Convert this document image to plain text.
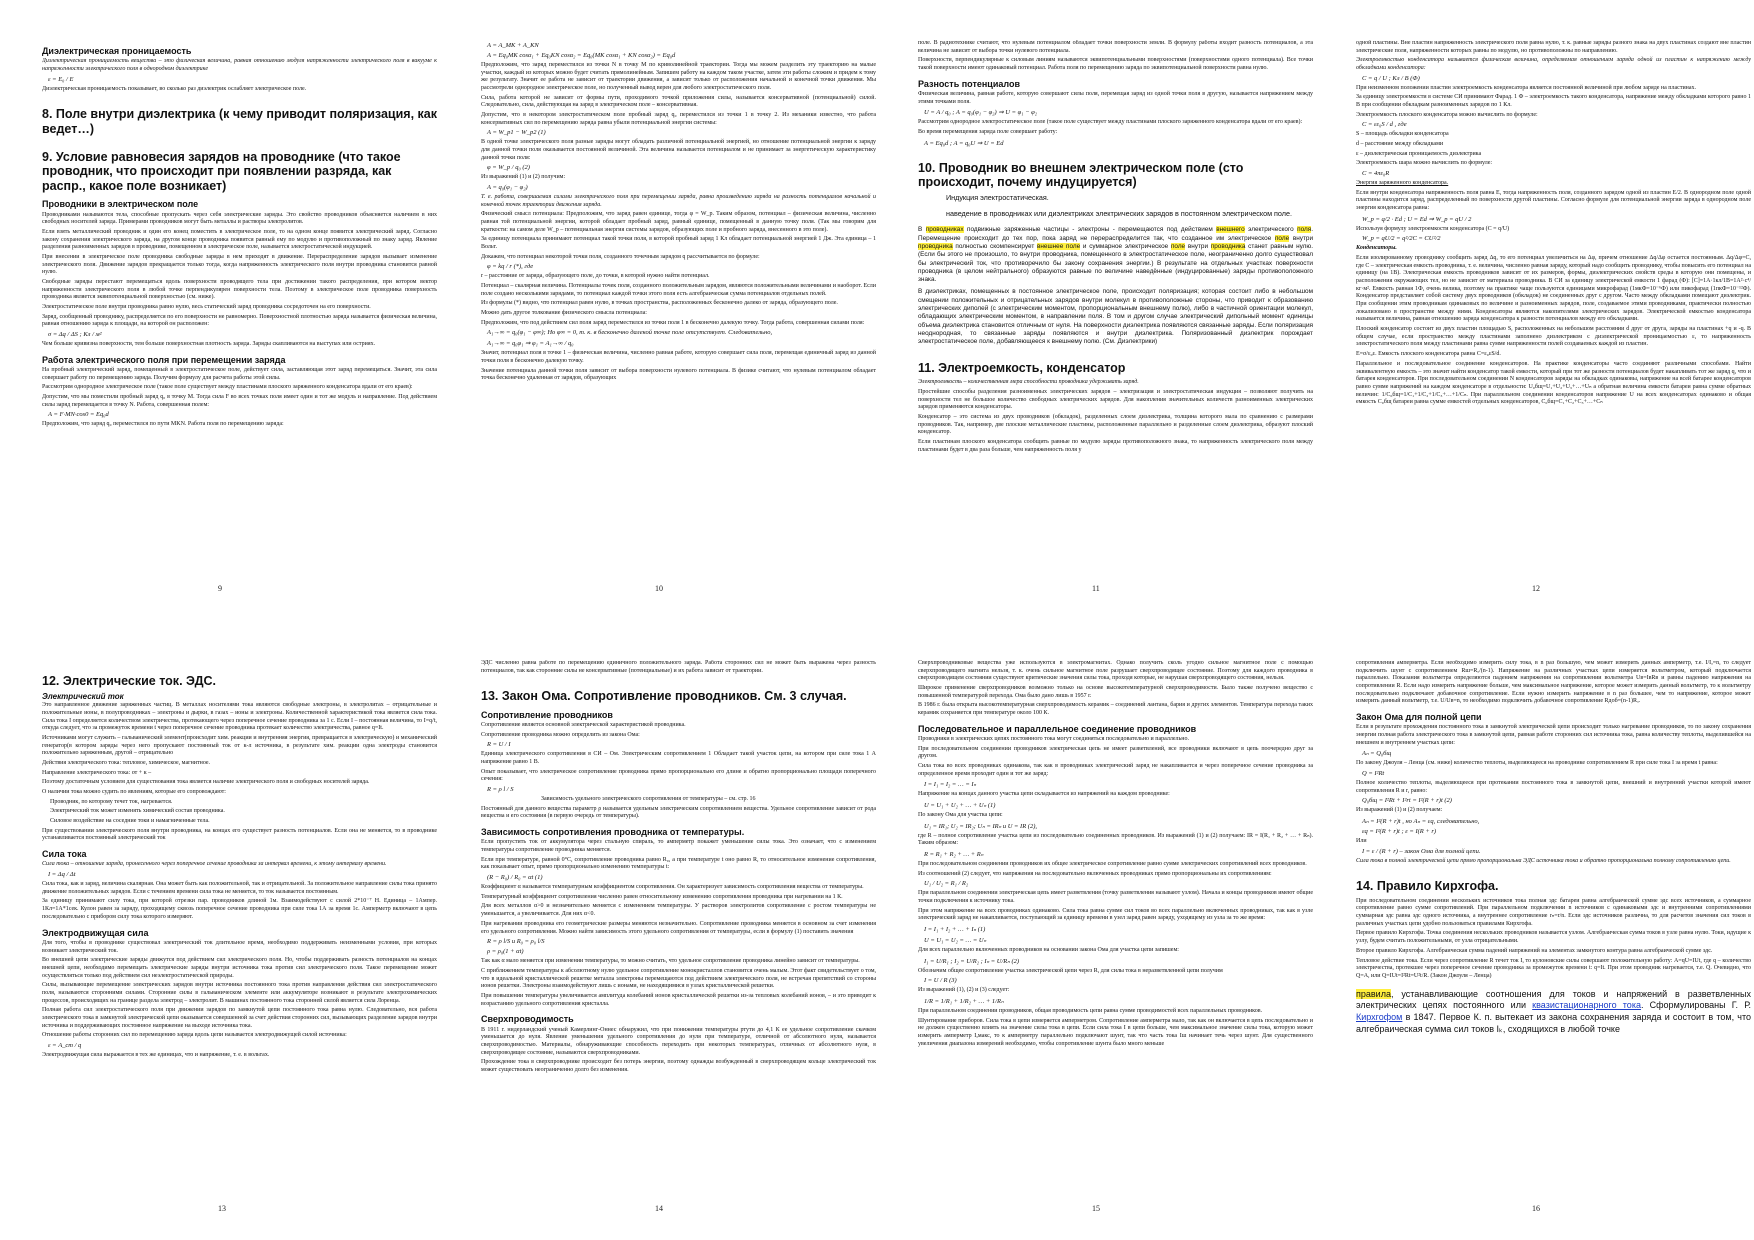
Диэлектрическая проницаемость

Диэлектрическая проницаемость вещества – это физическая величина, равная отношению модуля напряженности электрического поля в вакууме к напряженности электрического поля в однородном диэлектрике

ε = E₀ / E

Диэлектрическая проницаемость показывает, во сколько раз диэлектрик ослабляет электрическое поле.

8. Поле внутри диэлектрика (к чему приводит поляризация, как ведет…)
9. Условие равновесия зарядов на проводнике (что такое проводник, что происходит при появлении разряда, как распр., какое поле возникает)
Проводники в электрическом поле

Проводниками называются тела, способные пропускать через себя электрические заряды. Это свойство проводников объясняется наличием в них свободных носителей заряда. Примерами проводников могут быть металлы и растворы электролитов.

Если взять металлический проводник и один его конец поместить в электрическое поле, то на одном конце появится электрический заряд. Согласно закону сохранения электрического заряда, на другом конце проводника появится равный ему по модулю и противоположный по знаку заряд. Явление разделения разноименных зарядов в проводнике, помещенном в электрическое поле, называется электростатической индукцией.

При внесении в электрическое поле проводника свободные заряды в нем приходят в движение. Перераспределение зарядов вызывает изменение электрического поля. Движение зарядов прекращается только тогда, когда напряженность электрического поля внутри проводника становится равной нулю.

Свободные заряды перестают перемещаться вдоль поверхности проводящего тела при достижении такого распределения, при котором вектор напряженности электрического поля в любой точке перпендикулярен поверхности тела. Поэтому в электрическое поле проводника поверхность проводника является эквипотенциальной поверхностью (см. ниже).

Электростатическое поле внутри проводника равно нулю, весь статический заряд проводника сосредоточен на его поверхности.

Заряд, сообщенный проводнику, распределяется по его поверхности не равномерно. Поверхностной плотностью заряда называется физическая величина, равная отношению заряда к площади, на которой он расположен:

σ = Δq / ΔS ; Кл / м²

Чем больше кривизна поверхности, тем больше поверхностная плотность заряда. Заряды скапливаются на выступах или остриях.

Работа электрического поля при перемещении заряда

На пробный электрический заряд, помещенный в электростатическое поле, действует сила, заставляющая этот заряд перемещаться. Значит, эта сила совершает работу по перемещению заряда. Получим формулу для расчета работы этой силы.

Рассмотрим однородное электрическое поле (такое поле существует между пластинами плоского заряженного конденсатора вдали от его краев):

Допустим, что мы поместили пробный заряд q₀ в точку M. Тогда сила F во всех точках поля имеет один и тот же модуль и направление. Под действием силы заряд перемещается в точку N. Работа, совершенная полем:

A = F·MN·cos0 = Eq₀d

Предположим, что заряд q₀ переместился по пути MKN. Работа поля по перемещению заряда:

A = A_MK + A_KN
A = Eq₀MK cosα₁ + Eq₀KN cosα₂ = Eq₀(MK cosα₁ + KN cosα₂) = Eq₀d

Предположим, что заряд переместился из точки N в точку M по криволинейной траектории. Тогда мы можем разделить эту траекторию на малые участки, каждый из которых можно будет считать прямолинейным. Запишем работу на каждом таком участке, затем эти работы сложим и придем к тому же результату. Значит ее работа не зависит от траектории движения, а зависит только от расположения начальной и конечной точки движения. Мы рассмотрели однородное электрическое поле, но полученный вывод верен для любого электростатического поля.

Сила, работа которой не зависит от формы пути, проходимого точкой приложения силы, называется консервативной (потенциальной) силой. Следовательно, сила, действующая на заряд в электрическом поле – консервативная.

Допустим, что в некотором электростатическом поле пробный заряд q₀ переместился из точки 1 в точку 2. Из механики известно, что работа консервативных сил по перемещению заряда равна убыли потенциальной энергии системы:

A = W_p1 − W_p2 (1)

В одной точке электрического поля разные заряды могут обладать различной потенциальной энергией, но отношение потенциальной энергии к заряду для данной точки поля оказывается постоянной величиной. Эта величина называется потенциалом и не принимает за энергетическую характеристику данной точки поля:

φ = W_p / q₀ (2)

Из выражений (1) и (2) получим:

A = q₀(φ₁ − φ₂)

Т. е. работа, совершаемая силами электрического поля при перемещении заряда, равна произведению заряда на разность потенциалов начальной и конечной точек траектории движения заряда.

Физический смысл потенциала: Предположим, что заряд равен единице, тогда φ = W_p. Таким образом, потенциал – физическая величина, численно равная той потенциальной энергии, которой обладает пробный заряд, равный единице, помещенный в данную точку поля. (Так мы говорим для краткости: на самом деле W_p – потенциальная энергия системы зарядов, образующих поле и пробного заряда, внесенного в это поле).

За единицу потенциала принимают потенциал такой точки поля, в которой пробный заряд 1 Кл обладает потенциальной энергией 1 Дж. Эта единица – 1 Вольт.

Докажем, что потенциал некоторой точки поля, созданного точечным зарядом q рассчитывается по формуле:

φ = kq / r (*), где

r – расстояние от заряда, образующего поле, до точки, в которой нужно найти потенциал.

Потенциал – скалярная величина. Потенциалы точек поля, созданного положительным зарядом, являются положительными величинами и наоборот. Если поле создано несколькими зарядами, то потенциал каждой точки этого поля есть алгебраическая сумма потенциалов отдельных полей.

Из формулы (*) видно, что потенциал равен нулю, в точках пространства, расположенных бесконечно далеко от заряда, образующего поле.

Можно дать другое толкование физического смысла потенциала:

Предположим, что под действием сил поля заряд переместился из точки поля 1 в бесконечно далекую точку. Тогда работа, совершенная силами поля:

A₁→∞ = q₀(φ₁ − φ∞); Но φ∞ = 0, т. к. в бесконечно далекой точке поле отсутствует. Следовательно,
A₁→∞ = q₀φ₁ ⇒ φ₁ = A₁→∞ / q₀

Значит, потенциал поля в точке 1 – физическая величина, численно равная работе, которую совершает сила поля, перемещая единичный заряд из данной точки поля в бесконечно далекую точку.

Значение потенциала данной точки поля зависит от выбора поверхности нулевого потенциала. В физике считают, что нулевым потенциалом обладает точка бесконечно удаленная от зарядов, образующих

поле. В радиотехнике считают, что нулевым потенциалом обладает точки поверхности земли. В формулу работы входит разность потенциалов, а эта величина не зависит от выбора точки нулевого потенциала.

Поверхности, перпендикулярные к силовым линиям называются эквипотенциальными поверхностями (поверхностями одного потенциала). Все точки такой поверхности имеют одинаковый потенциал. Работа поля по перемещению заряда по эквипотенциальной поверхности равна нулю.

Разность потенциалов

Физическая величина, равная работе, которую совершают силы поля, перемещая заряд из одной точки поля в другую, называется напряжением между этими точками поля.

U = A / q₀ ; A = q₀(φ₁ − φ₂) ⇒ U = φ₁ − φ₂

Рассмотрим однородное электростатическое поле (такое поле существует между пластинами плоского заряженного конденсатора вдали от его краев):

Во время перемещения заряда поле совершает работу:

A = Eq₀d ; A = q₀U ⇒ U = Ed
10. Проводник во внешнем электрическом поле (сто происходит, почему индуцируется)
Индукция электростатическая.
наведение в проводниках или диэлектриках электрических зарядов в постоянном электрическом поле.

В проводниках подвижные заряженные частицы - электроны - перемещаются под действием внешнего электрического поля. Перемещение происходит до тех пор, пока заряд не перераспределится так, что созданное им электрическое поле внутри проводника полностью скомпенсирует внешнее поле и суммарное электрическое поле внутри проводника станет равным нулю. (Если бы этого не произошло, то внутри проводника, помещенного в электростатическое поле, неограниченно долго существовал бы электрический ток, что противоречило бы закону сохранения энергии.) В результате на отдельных участках поверхности проводника (в целом нейтрального) образуются равные по величине наведённые (индуцированные) заряды противоположного знака.

В диэлектриках, помещенных в постоянное электрическое поле, происходит поляризация; которая состоит либо в небольшом смещении положительных и отрицательных зарядов внутри молекул в противоположные стороны, что приводит к образованию электрических диполей (с электрическим моментом, пропорциональным внешнему полю), либо в частичной ориентации молекул, обладающих электрическим моментом, в направлении поля. В том и другом случае электрический дипольный момент единицы объема диэлектрика становится отличным от нуля. На поверхности диэлектрика появляются связанные заряды. Если поляризация неоднородная, то связанные заряды появляются и внутри диэлектрика. Поляризованный диэлектрик порождает электростатическое поле, добавляющееся к внешнему полю. (См. Диэлектрики)

11. Электроемкость, конденсатор

Электроемкость – количественная мера способности проводника удерживать заряд.

Простейшие способы разделения разноименных электрических зарядов – электризация и электростатическая индукция – позволяют получить на поверхности тел не большое количество свободных электрических зарядов. Для накопления значительных количеств разноименных электрических зарядов применяются конденсаторы.

Конденсатор – это система из двух проводников (обкладок), разделенных слоем диэлектрика, толщина которого мала по сравнению с размерами проводников. Так, например, две плоские металлические пластины, расположенные параллельно и разделенные слоем диэлектрика, образуют плоский конденсатор.

Если пластинам плоского конденсатора сообщить равные по модулю заряды противоположного знака, то напряженность электрического поля между пластинами будет в два раза больше, чем напряженность поля у

одной пластины. Вне пластин напряженность электрического поля равна нулю, т. к. равные заряды разного знака на двух пластинах создают вне пластин электрические поля, напряженности которых равны по модулю, но противоположны по направлению.

Электроемкостью конденсатора называется физическая величина, определяемая отношением заряда одной из пластин к напряжению между обкладками конденсатора:

C = q / U ; Кл / В (Ф)

При неизменном положении пластин электроемкость конденсатора является постоянной величиной при любом заряде на пластинах.

За единицу электроемкости в системе СИ принимают Фарад. 1 Ф – электроемкость такого конденсатора, напряжение между обкладками которого равно 1 В при сообщении обкладкам разноименных зарядов по 1 Кл.

Электроемкость плоского конденсатора можно вычислить по формуле:

C = εε₀S / d , где

S – площадь обкладки конденсатора

d – расстояние между обкладками

ε – диэлектрическая проницаемость диэлектрика

Электроемкость шара можно вычислить по формуле:

C = 4πε₀R

Энергия заряженного конденсатора.

Если внутри конденсатора напряженность поля равна E, тогда напряженность поля, созданного зарядом одной из пластин E/2. В однородном поле одной пластины находится заряд, распределенный по поверхности другой пластины. Согласно формуле для потенциальной энергии заряда в однородном поле энергия конденсатора равна:

W_p = q/2 · Ed ; U = Ed ⇒ W_p = qU / 2

Используя формулу электроемкости конденсатора (C = q/U)

W_p = qU/2 = q²/2C = CU²/2

Конденсаторы.

Если изолированному проводнику сообщить заряд Δq, то его потенциал увеличиться на Δφ, причем отношение Δq/Δφ остается постоянным. Δq/Δφ=C, где C – электрическая емкость проводника, т. е. величина, численно равная заряду, который надо сообщить проводнику, чтобы повысить его потенциал на единицу (на 1В). Электрическая емкость проводников зависит от их размеров, формы, диэлектрических свойств среды в которую они помещены, и расположения окружающих тел, но не зависит от материала проводника. В СИ за единицу электрической емкости 1 фарад (Ф): [C]=1А·1кл/1В=1А²·c⁴/кг·м². Емкость равная 1Ф, очень велика, поэтому на практике чаще пользуются единицами микрофарад (1мкФ=10⁻⁶Ф) или пикофарад (1пкФ=10⁻¹²Ф). Конденсатор представляет собой систему двух проводников (обкладок) не соединенных друг с другом. Часто между обкладками помещают диэлектрик. При сообщении этим проводникам одинаковых по величине и разноименных зарядов, поле, создаваемое этими проводниками, практически полностью локализовано в пространстве между ними. Конденсаторы являются накопителями электрических зарядов. Электрической емкостью конденсатора называется величина, равная отношению заряда конденсатора к разности потенциалов между его обкладками.

Плоский конденсатор состоит из двух пластин площадью S, расположенных на небольшом расстоянии d друг от друга, заряды на пластинах +q и -q. В общем случае, если пространство между пластинами заполнено диэлектриком с диэлектрической проницаемостью ε, то напряженность электростатического поля между пластинами равна сумме напряженности полей создаваемых каждой из пластин.

E=σ/ε₀ε. Емкость плоского конденсатора равна C=ε₀εS/d.

Параллельное и последовательное соединение конденсаторов. На практике конденсаторы часто соединяют различными способами. Найти эквивалентную емкость – это значит найти конденсатор такой емкости, который при тот же разности потенциалов будет накапливать тот же заряд q, что и батарея конденсаторов. При последовательном соединении N конденсаторов заряды на обкладках одинаковы, напряжение на всей батарее конденсаторов равно сумме напряжений на каждом конденсаторе в отдельности: U₀бщ=U₁+U₂+U₃+…+Uₙ а обратная величина емкости батареи равна сумме обратных величин: 1/C₀бщ=1/C₁+1/C₂+1/C₃+…+1/Cₙ. При параллельном соединении конденсаторов напряжение U на всех конденсаторах одинаково и общая емкость C₀бщ батареи равна сумме емкостей отдельных конденсаторов, C₀бщ=C₁+C₂+C₃+…+Cₙ

12. Электрические ток. ЭДС.
Электрический ток

Это направленное движение заряженных частиц. В металлах носителями тока являются свободные электроны, в электролитах – отрицательные и положительные ионы, в полупроводниках – электроны и дырки, в газах – ионы и электроны. Количественной характеристикой тока является сила тока. Сила тока I определяется количеством электричества, протекающего через поперечное сечение проводника за 1 с. Если I – постоянная величина, то I=q/t, откуда следует, что за промежуток времени t через поперечное сечение проводника протекает количество электричества, равное q=It.

Источниками могут служить – гальванический элемент(происходит хим. реакции и внутренняя энергия, превращается в электрическую) и механический генератор(в котором заряды через него пропускают постоянный ток от к-л источника, в результате хим. реакции одна электроды становится положительно заряженным, другой – отрицательно

Действия электрического тока: тепловое, химическое, магнитное.

Направление электрического тока: от + к –

Поэтому достаточным условием для существования тока является наличие электрического поля и свободных носителей заряда.

О наличии тока можно судить по явлениям, которые его сопровождают:

Проводник, по которому течет ток, нагревается.

Электрический ток может изменять химический состав проводника.

Силовое воздействие на соседние токи и намагниченные тела.

При существовании электрического поля внутри проводника, на концах его существует разность потенциалов. Если она не меняется, то в проводнике устанавливается постоянный электрический ток

Сила тока

Сила тока – отношение заряда, пронесенного через поперечное сечение проводника за интервал времени, к этому интервалу времени.

I = Δq / Δt

Сила тока, как и заряд, величина скалярная. Она может быть как положительной, так и отрицательной. За положительное направление силы тока принято движение положительных зарядов. Если с течением времени сила тока не меняется, то ток называется постоянным.

За единицу принимают силу тока, при которой отрезки пар. проводников длиной 1м. Взаимодействуют с силой 2*10⁻⁷ Н. Единица – 1Ампер. 1Кл=1А*1сек. Кулон равен за заряду, проходящему сквозь поперечное сечение проводника при силе тока 1А за время 1с. Амперметр включают в цепь последовательно с прибором силу тока которого измеряют.

Электродвижущая сила

Для того, чтобы в проводнике существовал электрический ток длительное время, необходимо поддерживать неизменными условия, при которых возникает электрический ток.

Во внешней цепи электрические заряды движутся под действием сил электрического поля. Но, чтобы поддерживать разность потенциалов на концах внешней цепи, необходимо перемещать электрические заряды внутри источника тока против сил электрического поля. Такое перемещение может осуществляться только под действием сил неэлектростатической природы.

Силы, вызывающие перемещение электрических зарядов внутри источника постоянного тока против направления действия сил электростатического поля, называются сторонними силами. Сторонние силы в гальваническом элементе или аккумуляторе возникают в результате электрохимических процессов, происходящих на границе раздела электрод – электролит. В машинах постоянного тока сторонней силой является сила Лоренца.

Полная работа сил электростатического поля при движении зарядов по замкнутой цепи постоянного тока равна нулю. Следовательно, вся работа электрического тока в замкнутой электрической цепи оказывается совершенной за счет действия сторонних сил, вызывающих разделение зарядов внутри источника и поддерживающих постоянное напряжение на выходе источника тока.

Отношение работы сторонних сил по перемещению заряда вдоль цепи называется электродвижущей силой источника:

ε = A_ст / q

Электродвижущая сила выражается в тех же единицах, что и напряжение, т. е. в вольтах.

ЭДС численно равна работе по перемещению единичного положительного заряда. Работа сторонних сил не может быть выражена через разность потенциалов, так как сторонние силы не консервативные (потенциальные) и их работа зависит от траектории.

13. Закон Ома. Сопротивление проводников. См. 3 случая.
Сопротивление проводников

Сопротивление является основной электрической характеристикой проводника.

Сопротивление проводника можно определить из закона Ома:

R = U / I

Единица электрического сопротивления в СИ – Ом. Электрическим сопротивлением 1 Обладает такой участок цепи, на котором при силе тока 1 А напряжение равно 1 В.

Опыт показывает, что электрическое сопротивление проводника прямо пропорционально его длине и обратно пропорционально площади поперечного сечения:

R = ρ l / S

Зависимость удельного электрического сопротивления от температуры – см. стр. 16

Постоянный для данного вещества параметр ρ называется удельным электрическим сопротивлением вещества. Удельное сопротивление зависит от рода вещества и его состояния (в первую очередь от температуры).

Зависимость сопротивления проводника от температуры.

Если пропустить ток от аккумулятора через стальную спираль, то амперметр покажет уменьшение силы тока. Это означает, что с изменением температуры сопротивление проводника меняется.

Если при температуре, равной 0°С, сопротивление проводника равно R₀, а при температуре t оно равно R, то относительное изменение сопротивления, как показывает опыт, прямо пропорционально изменению температуры t:

(R − R₀) / R₀ = αt (1)

Коэффициент α называется температурным коэффициентом сопротивления. Он характеризует зависимость сопротивления вещества от температуры.

Температурный коэффициент сопротивления численно равен относительному изменению сопротивления проводника при нагревании на 1 К.

Для всех металлов α>0 и незначительно меняется с изменением температуры. У растворов электролитов сопротивление с ростом температуры не уменьшается, а увеличивается. Для них α<0.

При нагревании проводника его геометрические размеры меняются незначительно. Сопротивление проводника меняется в основном за счет изменения его удельного сопротивления. Можно найти зависимость этого удельного сопротивления от температуры, если в формулу (1) поставить значения

R = ρ l/S и R₀ = ρ₀ l/S
ρ = ρ₀(1 + αt)

Так как α мало меняется при изменении температуры, то можно считать, что удельное сопротивление проводника линейно зависит от температуры.

С приближением температуры к абсолютному нулю удельное сопротивление монокристаллов становится очень малым. Этот факт свидетельствует о том, что в идеальной кристаллической решетке металла электроны перемещаются под действием электрического поля, не встречая препятствий со стороны ионов решетки. Электроны взаимодействуют лишь с ионами, не находящимися в узлах кристаллической решетки.

При повышении температуры увеличивается амплитуда колебаний ионов кристаллической решетки из-за тепловых колебаний ионов, – и это приводит к возрастанию удельного сопротивления кристалла.

Сверхпроводимость

В 1911 г. нидерландский ученый Камерлинг-Оннес обнаружил, что при понижении температуры ртути до 4,1 К ее удельное сопротивление скачком уменьшается до нуля. Явление уменьшения удельного сопротивления до нуля при температуре, отличной от абсолютного нуля, называется сверхпроводимостью. Материалы, обнаруживающие способность переходить при некоторых температурах, отличных от абсолютного нуля, в сверхпроводящее состояние, называются сверхпроводниками.

Прохождение тока в сверхпроводнике происходит без потерь энергии, поэтому однажды возбужденный в сверхпроводящем кольце электрический ток может существовать неограниченно долго без изменения.

Сверхпроводниковые вещества уже используются в электромагнитах. Однако получить сколь угодно сильное магнитное поле с помощью сверхпроводящего магнита нельзя, т. к. очень сильное магнитное поле разрушает сверхпроводящее состояние. Поэтому для каждого проводника в сверхпроводящем состоянии существуют критические значения силы тока, проходя которые, не нарушая сверхпроводящего состояния, нельзя.

Широкое применение сверхпроводников возможно только на основе высокотемпературной сверхпроводимости. Было также получено вещество с повышенной температурой перехода. Ома было дано лишь в 1957 г.

В 1986 г. была открыта высокотемпературная сверхпроводимость керамик – соединений лантана, бария и других элементов. Температура перехода таких керамик сохраняется при температуре около 100 К.

Последовательное и параллельное соединение проводников

Проводники в электрических цепях постоянного тока могут соединяться последовательно и параллельно.

При последовательном соединении проводников электрическая цепь не имеет разветвлений, все проводники включают в цепь поочередно друг за другом.

Сила тока во всех проводниках одинакова, так как в проводниках электрический заряд не накапливается и через поперечное сечение проводника за определенное время проходит один и тот же заряд:

I = I₁ = I₂ = … = Iₙ

Напряжение на концах данного участка цепи складывается из напряжений на каждом проводнике:

U = U₁ + U₂ + … + Uₙ (1)

По закону Ома для участка цепи:

U₁ = IR₁; U₂ = IR₂; Uₙ = IRₙ и U = IR (2),

где R – полное сопротивление участка цепи из последовательно соединенных проводников. Из выражений (1) и (2) получаем: IR = I(R₁ + R₂ + … + Rₙ). Таким образом:

R = R₁ + R₂ + … + Rₙ

При последовательном соединении проводников их общее электрическое сопротивление равно сумме электрических сопротивлений всех проводников.

Из соотношений (2) следует, что напряжения на последовательно включенных проводниках прямо пропорциональны их сопротивлениям:

U₁ / U₂ = R₁ / R₂

При параллельном соединении электрическая цепь имеет разветвления (точку разветвления называют узлом). Начала и концы проводников имеют общие точки подключения к источнику тока.

При этом напряжение на всех проводниках одинаково. Сила тока равна сумме сил токов во всех параллельно включенных проводниках, так как в узле электрический заряд не накапливается, поступающий за единицу времени в узел заряд равен заряду, уходящему из узла за то же время:

I = I₁ + I₂ + … + Iₙ (1)
U = U₁ = U₂ = … = Uₙ

Для всех параллельно включенных проводников на основании закона Ома для участка цепи запишем:

I₁ = U/R₁ ; I₂ = U/R₂ ; Iₙ = U/Rₙ (2)

Обозначим общее сопротивление участка электрической цепи через R, для силы тока в неразветвленной цепи получим

I = U / R (3)

Из выражений (1), (2) и (3) следует:

1/R = 1/R₁ + 1/R₂ + … + 1/Rₙ

При параллельном соединении проводников, общая проводимость цепи равна сумме проводимостей всех параллельных проводников.

Шунтирование приборов. Сила тока в цепи измеряется амперметром. Сопротивление амперметра мало, так как он включается в цепь последовательно и не должен существенно влиять на значение силы тока в цепи. Если сила тока I в цепи больше, чем максимальное значение силы тока, которую может измерить амперметр Iₐмакс, то к амперметру параллельно подключают шунт, так что часть тока Iш начинает течь через шунт. Для существенного увеличения диапазона измерений необходимо, чтобы сопротивление шунта было много меньше

сопротивления амперметра. Если необходимо измерить силу тока, в n раз большую, чем может измерить данных амперметр, т.е. I/Iₐ=n, то следует подключить шунт с сопротивлением Rш=Rₐ/(n-1). Напряжение на различных участках цепи измеряется вольтметром, который подключается параллельно. Показания вольтметра определяются падением напряжения на сопротивлении вольтметра Uв=IвRв и равны падению напряжения на сопротивлении R. Если надо измерить напряжение больше, чем максимальное напряжение, которое может измерить данный вольтметр, то к вольтметру последовательно подключают добавочное сопротивление. Если нужно измерить напряжение в n раз большее, чем то напряжение, которое может измерить данный вольтметр, т.е. U/Uв=n, то необходимо подключить добавочное сопротивление Rдоб=(n-1)Rₐ.

Закон Ома для полной цепи

Если в результате прохождения постоянного тока в замкнутой электрической цепи происходит только нагревание проводников, то по закону сохранения энергии полная работа электрического тока в замкнутой цепи, равная работе сторонних сил источника тока, равна количеству теплоты, выделившейся на внешнем и внутреннем участках цепи:

Aₙ = Q₀бщ

По закону Джоуля – Ленца (см. ниже) количество теплоты, выделяющееся на проводнике сопротивлением R при силе тока I за время t равна:

Q = I²Rt

Полное количество теплоты, выделяющееся при протекании постоянного тока в замкнутой цепи, внешний и внутренний участки которой имеют сопротивления R и r, равно:

Q₀бщ = I²Rt + I²rt = I²(R + r)t (2)

Из выражений (1) и (2) получаем:

Aₙ = I²(R + r)t , но Aₙ = εq, следовательно,
εq = I²(R + r)t ; ε = I(R + r)

Или

I = ε / (R + r) – закон Ома для полной цепи.

Сила тока в полной электрической цепи прямо пропорциональна ЭДС источника тока и обратно пропорциональна полному сопротивлению цепи.

14. Правило Кирхгофа.

При последовательном соединении нескольких источников тока полная эдс батареи равна алгебраической сумме эдс всех источников, а суммарное сопротивление равно сумме сопротивлений. При параллельном подключении n источников с одинаковыми эдс и внутренними сопротивлениями суммарная эдс равна эдс одного источника, а внутреннее сопротивление rₙ=r/n. Если эдс источников различна, то для расчетов значения сил токов в различных участках цепи удобно пользоваться правилами Кирхгофа.

Первое правило Кирхгофа. Точка соединения нескольких проводников называется узлом. Алгебраическая сумма токов в узле равна нулю. Токи, идущие к узлу, будем считать положительными, от узла отрицательными.

Второе правило Кирхгофа. Алгебраическая сумма падений напряжений на элементах замкнутого контура равна алгебраической сумме эдс.

Тепловое действие тока. Если через сопротивление R течет ток I, то кулоновские силы совершают положительную работу: A=qU=IUt, где q – количество электричества, протекшее через поперечное сечение проводника за промежуток времени t: q=It. При этом проводник нагревается, т.е. Q. Очевидно, что Q=A, или Q=IUt=I²Rt=U²t/R. (Закон Джоуля – Ленца)

правила, устанавливающие соотношения для токов и напряжений в разветвленных электрических цепях постоянного или квазистационарного тока. Сформулированы Г. Р. Кирхгофом в 1847. Первое К. п. вытекает из закона сохранения заряда и состоит в том, что алгебраическая сумма сил токов Iₖ, сходящихся в любой точке

9	10	11	12
13	14	15	16
